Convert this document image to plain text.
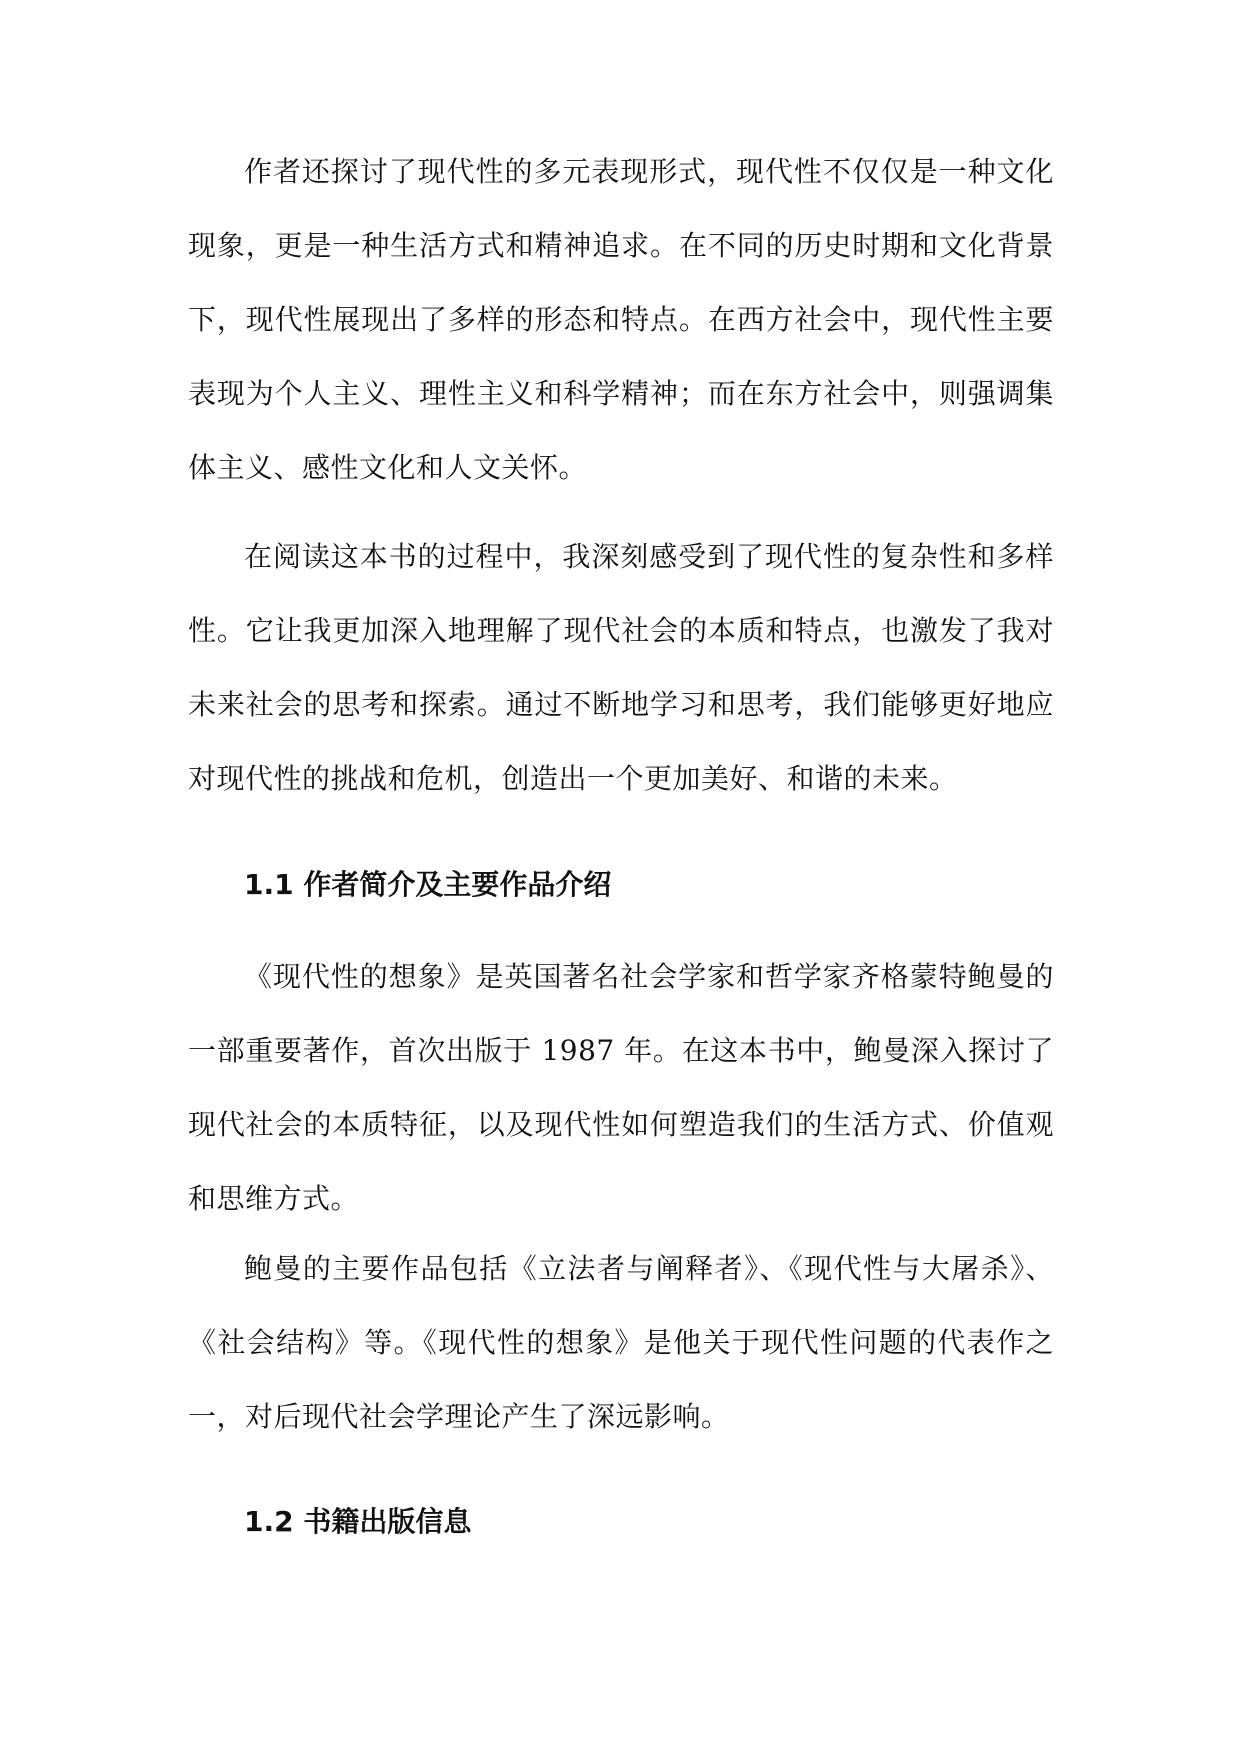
作者还探讨了现代性的多元表现形式，现代性不仅仅是一种文化现象，更是一种生活方式和精神追求。在不同的历史时期和文化背景下，现代性展现出了多样的形态和特点。在西方社会中，现代性主要表现为个人主义、理性主义和科学精神；而在东方社会中，则强调集体主义、感性文化和人文关怀。

在阅读这本书的过程中，我深刻感受到了现代性的复杂性和多样性。它让我更加深入地理解了现代社会的本质和特点，也激发了我对未来社会的思考和探索。通过不断地学习和思考，我们能够更好地应对现代性的挑战和危机，创造出一个更加美好、和谐的未来。

1.1 作者简介及主要作品介绍

《现代性的想象》是英国著名社会学家和哲学家齐格蒙特鲍曼的一部重要著作，首次出版于 1987 年。在这本书中，鲍曼深入探讨了现代社会的本质特征，以及现代性如何塑造我们的生活方式、价值观和思维方式。

鲍曼的主要作品包括《立法者与阐释者》、《现代性与大屠杀》、《社会结构》等。《现代性的想象》是他关于现代性问题的代表作之一，对后现代社会学理论产生了深远影响。

1.2 书籍出版信息
